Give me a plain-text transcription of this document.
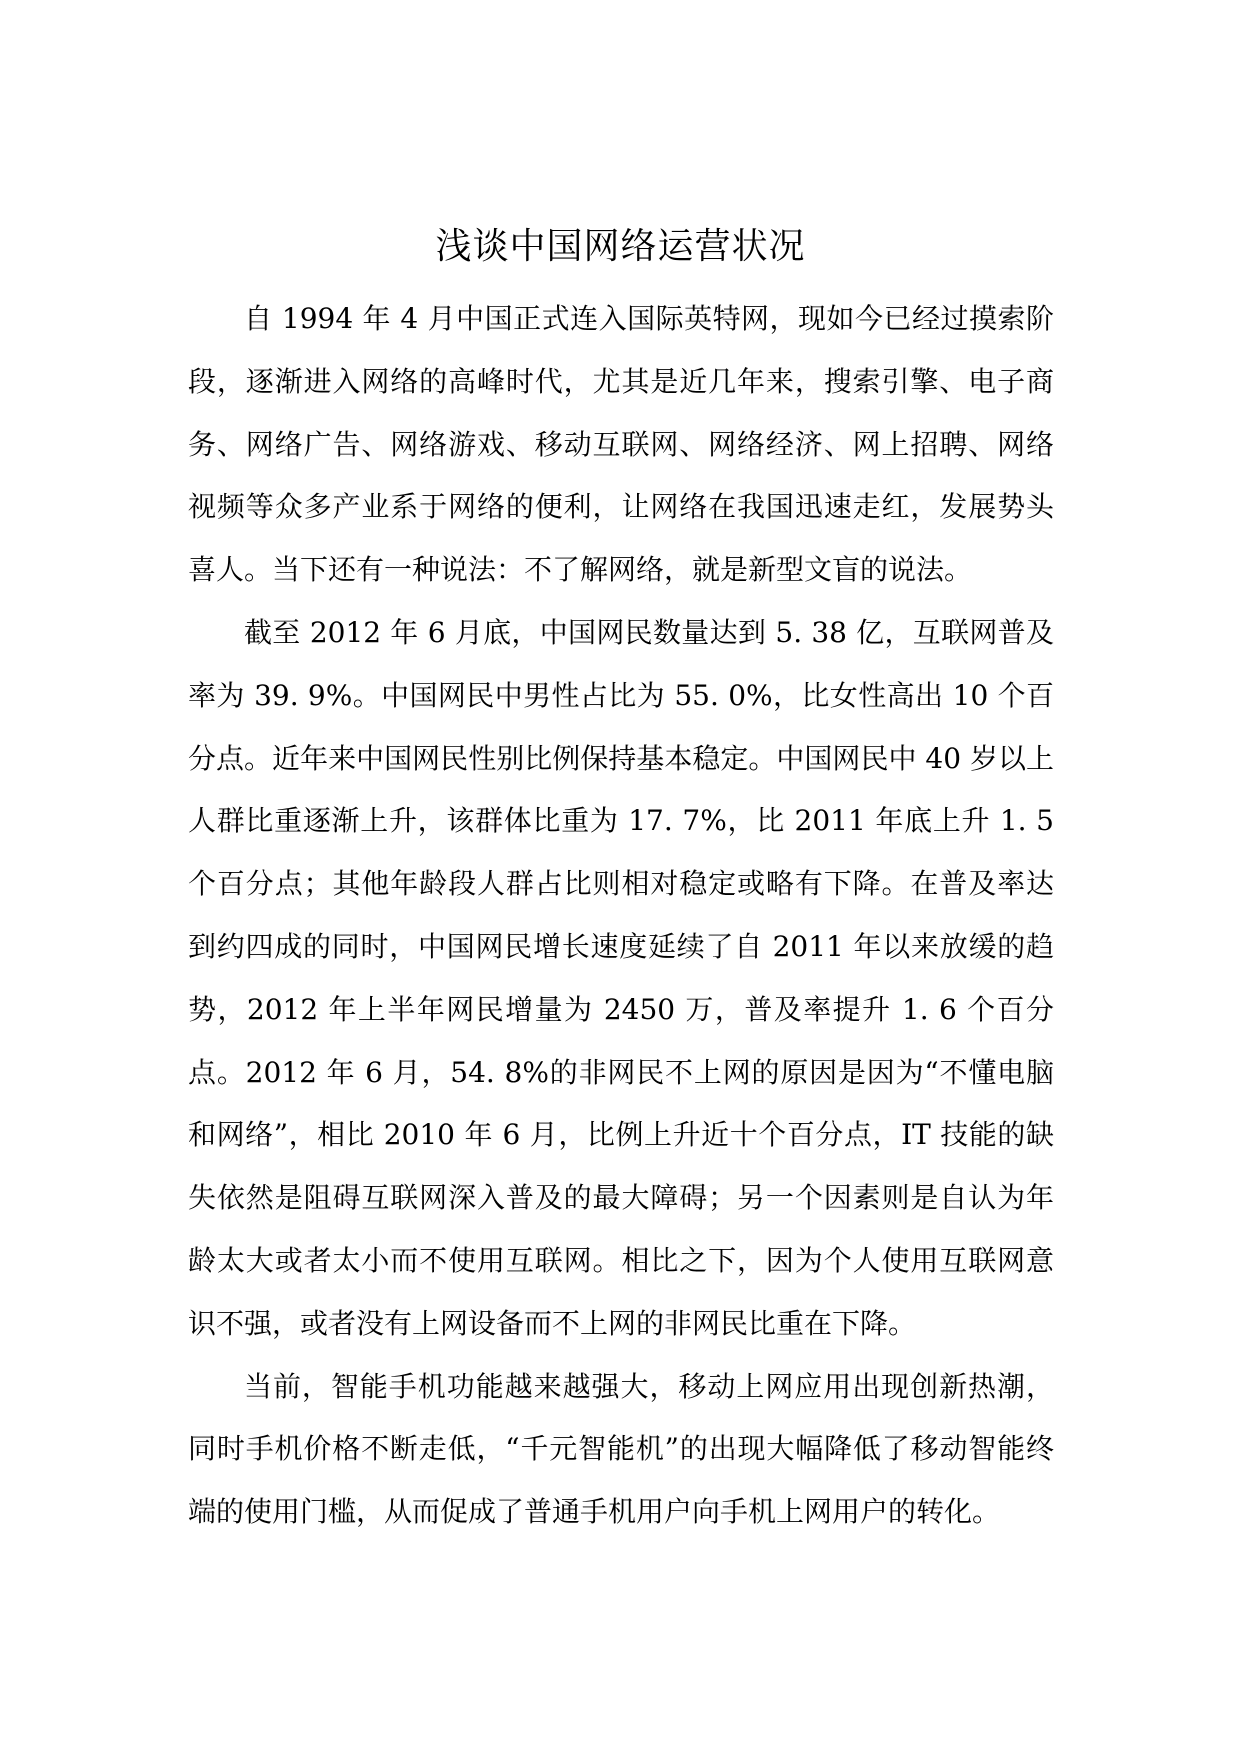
浅谈中国网络运营状况

自 1994 年 4 月中国正式连入国际英特网，现如今已经过摸索阶段，逐渐进入网络的高峰时代，尤其是近几年来，搜索引擎、电子商务、网络广告、网络游戏、移动互联网、网络经济、网上招聘、网络视频等众多产业系于网络的便利，让网络在我国迅速走红，发展势头喜人。当下还有一种说法：不了解网络，就是新型文盲的说法。

截至 2012 年 6 月底，中国网民数量达到 5. 38 亿，互联网普及率为 39. 9%。中国网民中男性占比为 55. 0%，比女性高出 10 个百分点。近年来中国网民性别比例保持基本稳定。中国网民中 40 岁以上人群比重逐渐上升，该群体比重为 17. 7%，比 2011 年底上升 1. 5 个百分点；其他年龄段人群占比则相对稳定或略有下降。在普及率达到约四成的同时，中国网民增长速度延续了自 2011 年以来放缓的趋势，2012 年上半年网民增量为 2450 万，普及率提升 1. 6 个百分点。2012 年 6 月，54. 8%的非网民不上网的原因是因为“不懂电脑和网络”，相比 2010 年 6 月，比例上升近十个百分点，IT 技能的缺失依然是阻碍互联网深入普及的最大障碍；另一个因素则是自认为年龄太大或者太小而不使用互联网。相比之下，因为个人使用互联网意识不强，或者没有上网设备而不上网的非网民比重在下降。

当前，智能手机功能越来越强大，移动上网应用出现创新热潮，同时手机价格不断走低，“千元智能机”的出现大幅降低了移动智能终端的使用门槛，从而促成了普通手机用户向手机上网用户的转化。
